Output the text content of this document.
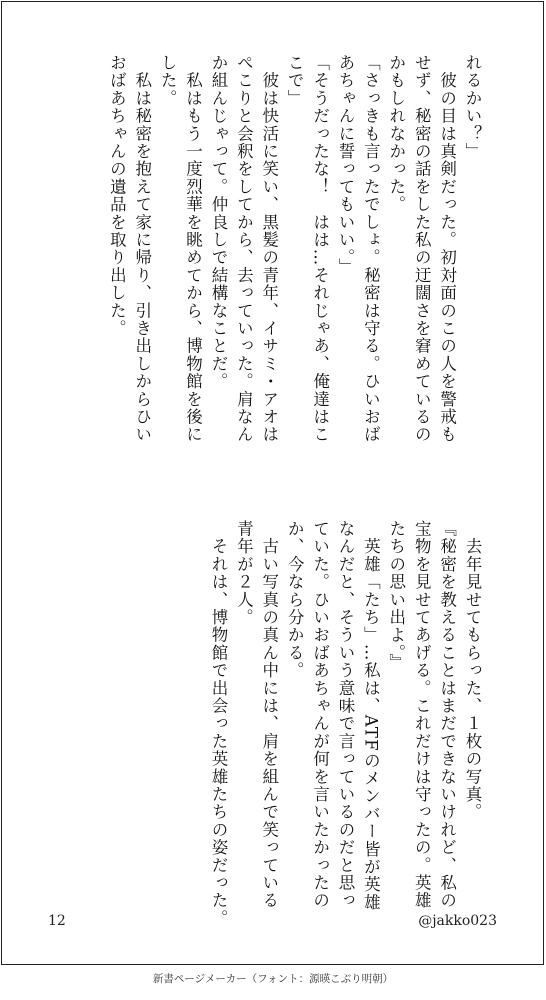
れるかい？」

　彼の目は真剣だった。初対面のこの人を警戒も

せず、秘密の話をした私の迂闊さを窘めているの

かもしれなかった。

「さっきも言ったでしょ。秘密は守る。ひいおば

あちゃんに誓ってもいい。」

「そうだったな！　はは…それじゃあ、俺達はこ

こで」

　彼は快活に笑い、黒髪の青年、イサミ・アオは

ぺこりと会釈をしてから、去っていった。肩なん

か組んじゃって。仲良しで結構なことだ。

　私はもう一度烈華を眺めてから、博物館を後に

した。

　私は秘密を抱えて家に帰り、引き出しからひい

おばあちゃんの遺品を取り出した。

　去年見せてもらった、１枚の写真。

『秘密を教えることはまだできないけれど、私の

宝物を見せてあげる。これだけは守ったの。英雄

たちの思い出よ。』

　英雄「たち」…私は、ATFのメンバー皆が英雄

なんだと、そういう意味で言っているのだと思っ

ていた。ひいおばあちゃんが何を言いたかったの

か、今なら分かる。

　古い写真の真ん中には、肩を組んで笑っている

青年が２人。

　それは、博物館で出会った英雄たちの姿だった。

12	@jakko023
新書ページメーカー（フォント：源暎こぶり明朝）
